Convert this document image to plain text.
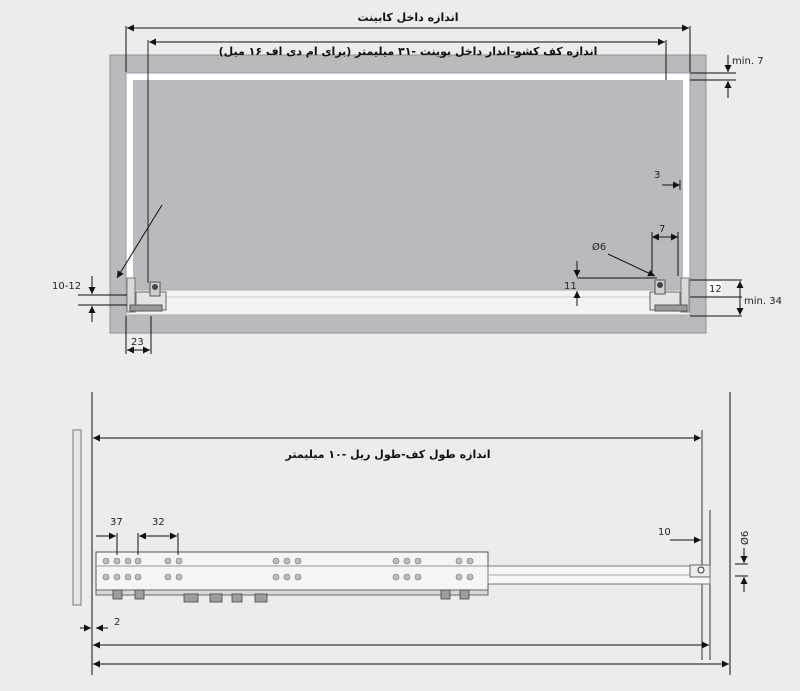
اندازه داخل کابینت
اندازه کف کشو-اندار داخل بوینت -۳۱ میلیمتر (برای ام دی اف ۱۶ میل)
min. 7
3
7
Ø6
10-12	11	12
min. 34
23
اندازه طول کف-طول ریل -۱۰ میلیمتر
37	32
10	Ø6
2
